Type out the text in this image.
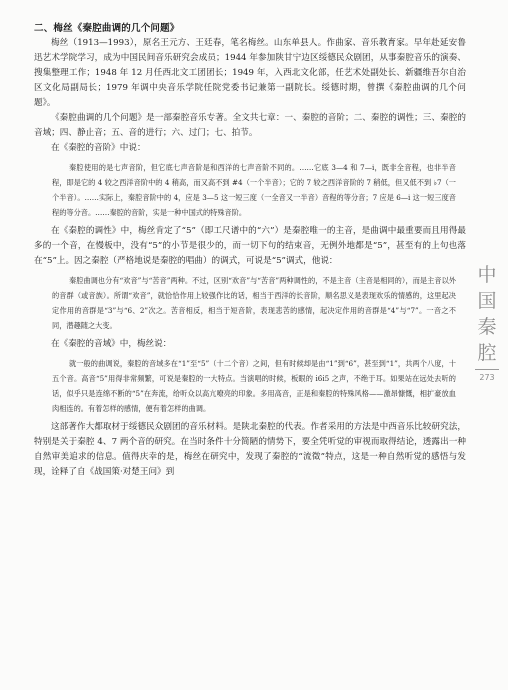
二、梅丝《秦腔曲调的几个问题》

梅丝（1913—1993），原名王元方、王廷春，笔名梅丝。山东单县人。作曲家、音乐教育家。早年赴延安鲁迅艺术学院学习，成为中国民间音乐研究会成员；1944 年参加陕甘宁边区绥德民众剧团，从事秦腔音乐的演奏、搜集整理工作；1948 年 12 月任西北文工团团长；1949 年，入西北文化部，任艺术处副处长、新疆维吾尔自治区文化局副局长；1979 年调中央音乐学院任院党委书记兼第一副院长。绥德时期，曾撰《秦腔曲调的几个问题》。

《秦腔曲调的几个问题》是一部秦腔音乐专著。全文共七章：一、秦腔的音阶；二、秦腔的调性；三、秦腔的音域；四、静止音；五、音的进行；六、过门；七、拍节。

在《秦腔的音阶》中说：

秦腔使用的是七声音阶，但它底七声音阶是和西洋的七声音阶不同的。……它底 3—4 和 7—i，既非全音程，也非半音程，即是它的 4 较之西洋音阶中的 4 稍高，而又高不到 #4（一个半音）；它的 7 较之西洋音阶的 7 稍低，但又低不到 ♭7（一个半音）。……实际上，秦腔音阶中的 4，应是 3—5 这一短三度（一全音又一半音）音程的等分音；7 应是 6—i 这一短三度音程的等分音。……秦腔的音阶，实是一种中国式的特殊音阶。

在《秦腔的调性》中，梅丝肯定了“5”（即工尺谱中的“六”）是秦腔唯一的主音，是曲调中最重要而且用得最多的一个音，在慢板中，没有“5”的小节是很少的，而一切下句的结束音，无例外地都是“5”，甚至有的上句也落在“5”上。因之秦腔（严格地说是秦腔的唱曲）的调式，可说是“5”调式，他说：

秦腔曲调也分有“欢音”与“苦音”两种。不过，区别“欢音”与“苦音”两种调性的，不是主音（主音是相同的），而是主音以外的音群（或音族）。所谓“欢音”，就恰恰作用上较强作比的话，相当于西洋的长音阶，顺名思义是表现欢乐的情感的，这里起决定作用的音群是“3”与“6、2”次之。苦音相反，相当于短音阶，表现悲苦的感情，起决定作用的音群是“4”与“7”。一音之不同，潜趣随之大变。

在《秦腔的音域》中，梅丝说：

就一般的曲调说，秦腔的音域多在“1”至“5”（十二个音）之间，但有时候却是由“1”到“6”，甚至到“1”，共两个八度，十五个音。高音“5”用得非常频繁，可说是秦腔的一大特点。当演唱的时候，板眼的 i̇6̇i̇5 之声，不绝于耳。如果站在远处去听的话，似乎只是连绵不断的“5”在奔流，给听众以高亢嘹亮的印象。多用高音，正是和秦腔的特殊风格——激昂慷慨，相扩豪放血肉相连的。有着怎样的感情，便有着怎样的曲调。

这部著作大都取材于绥德民众剧团的音乐材料。是陕北秦腔的代表。作者采用的方法是中西音乐比较研究法，特别是关于秦腔 4、7 两个音的研究。在当时条件十分简陋的情势下，要全凭听觉的审视而取得结论，透露出一种自然审美追求的信息。值得庆幸的是，梅丝在研究中，发现了秦腔的“流徵”特点，这是一种自然听觉的感悟与发现，诠释了自《战国策·对楚王问》到

中
国
秦
腔
273
